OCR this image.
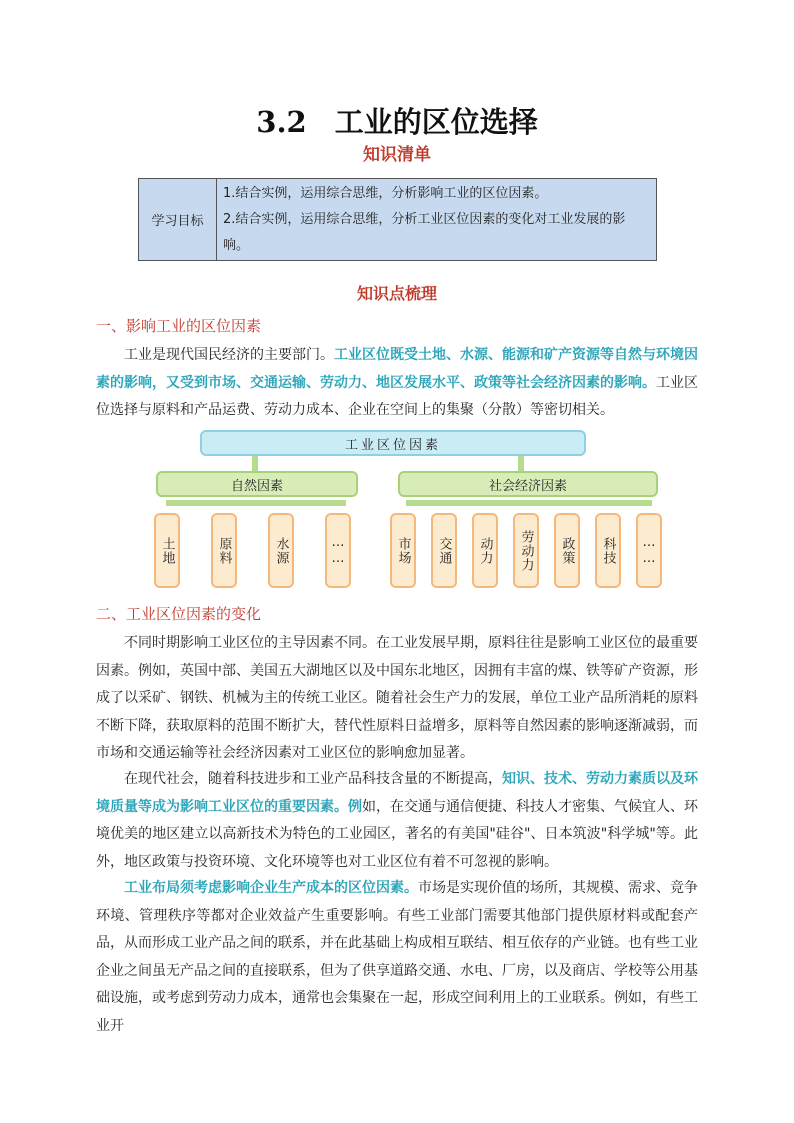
3.2 工业的区位选择
知识清单
学习目标
1.结合实例，运用综合思维，分析影响工业的区位因素。
2.结合实例，运用综合思维，分析工业区位因素的变化对工业发展的影响。
知识点梳理
一、影响工业的区位因素
工业是现代国民经济的主要部门。工业区位既受土地、水源、能源和矿产资源等自然与环境因素的影响，又受到市场、交通运输、劳动力、地区发展水平、政策等社会经济因素的影响。工业区位选择与原料和产品运费、劳动力成本、企业在空间上的集聚（分散）等密切相关。
工业区位因素
自然因素	社会经济因素
土地	原料	水源	……	市场	交通	动力	劳动力	政策	科技	……
二、工业区位因素的变化
不同时期影响工业区位的主导因素不同。在工业发展早期，原料往往是影响工业区位的最重要因素。例如，英国中部、美国五大湖地区以及中国东北地区，因拥有丰富的煤、铁等矿产资源，形成了以采矿、钢铁、机械为主的传统工业区。随着社会生产力的发展，单位工业产品所消耗的原料不断下降，获取原料的范围不断扩大，替代性原料日益增多，原料等自然因素的影响逐渐减弱，而市场和交通运输等社会经济因素对工业区位的影响愈加显著。
在现代社会，随着科技进步和工业产品科技含量的不断提高，知识、技术、劳动力素质以及环境质量等成为影响工业区位的重要因素。例如，在交通与通信便捷、科技人才密集、气候宜人、环境优美的地区建立以高新技术为特色的工业园区，著名的有美国"硅谷"、日本筑波"科学城"等。此外，地区政策与投资环境、文化环境等也对工业区位有着不可忽视的影响。
工业布局须考虑影响企业生产成本的区位因素。市场是实现价值的场所，其规模、需求、竞争环境、管理秩序等都对企业效益产生重要影响。有些工业部门需要其他部门提供原材料或配套产品，从而形成工业产品之间的联系，并在此基础上构成相互联结、相互依存的产业链。也有些工业企业之间虽无产品之间的直接联系，但为了供享道路交通、水电、厂房，以及商店、学校等公用基础设施，或考虑到劳动力成本，通常也会集聚在一起，形成空间利用上的工业联系。例如，有些工业开
